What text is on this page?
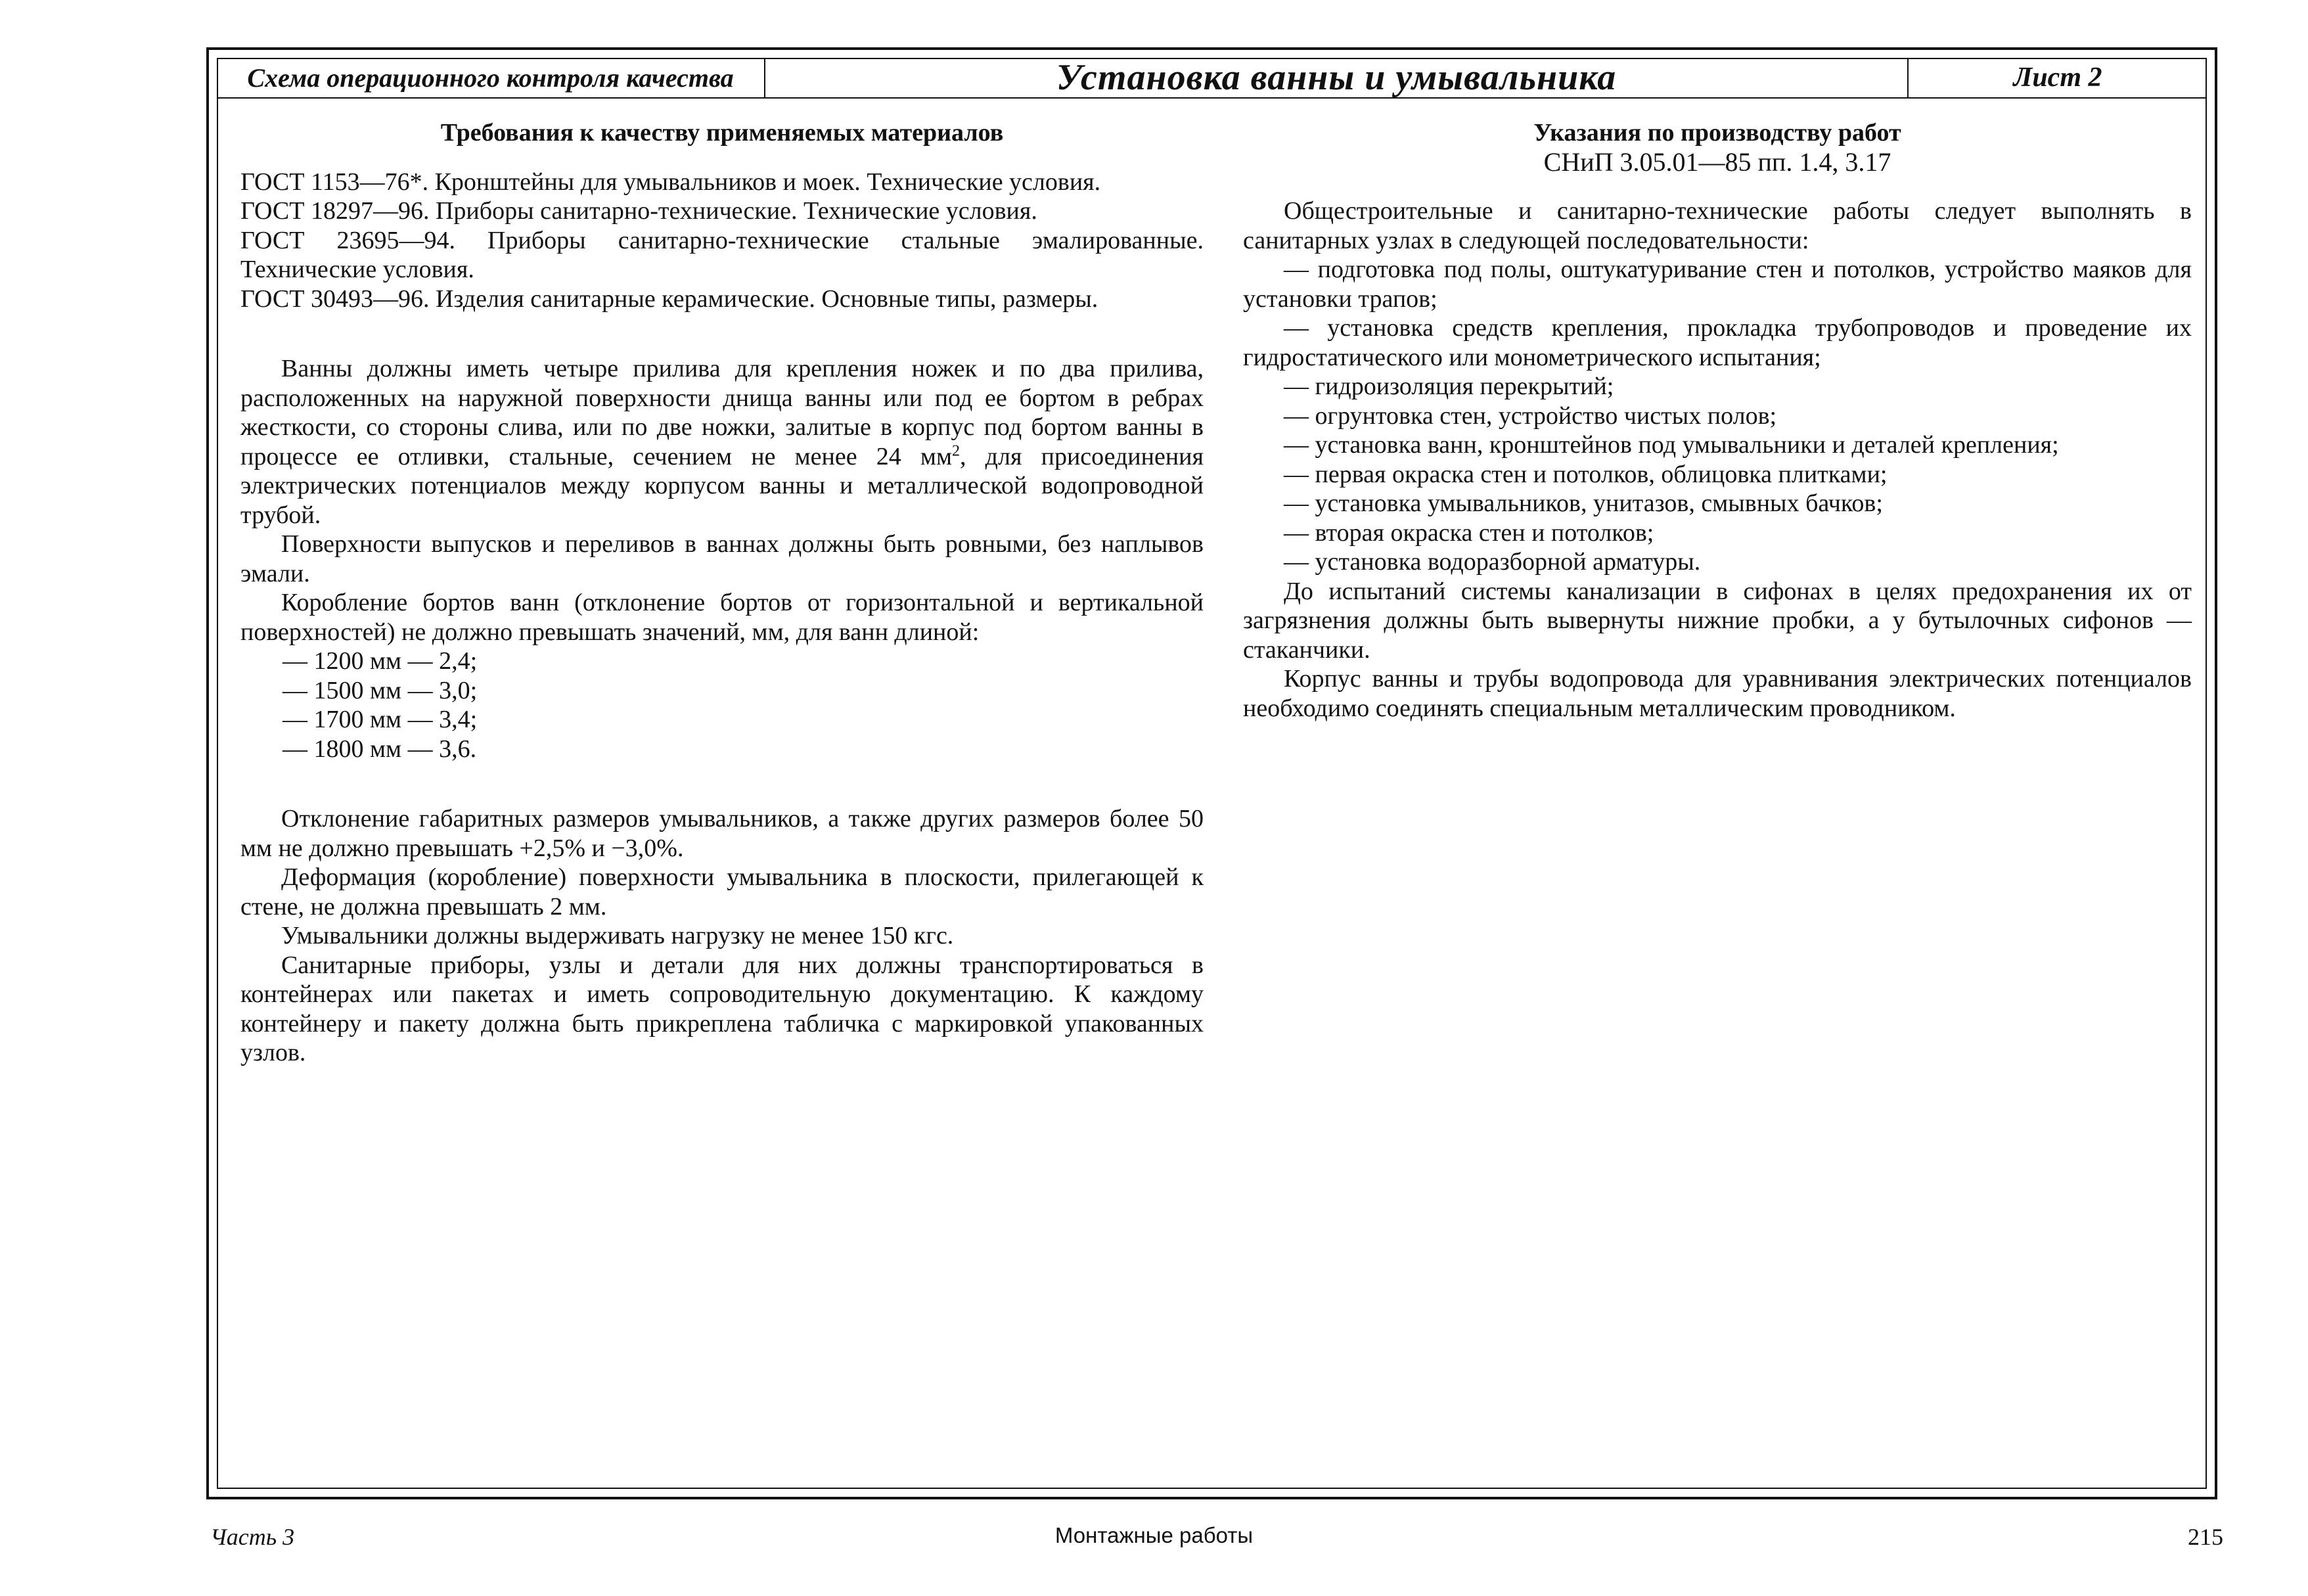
Схема операционного контроля качества	Установка ванны и умывальника	Лист 2

Требования к качеству применяемых материалов

ГОСТ 1153—76*. Кронштейны для умывальников и моек. Технические условия.

ГОСТ 18297—96. Приборы санитарно-технические. Технические условия.

ГОСТ 23695—94. Приборы санитарно-технические стальные эмалированные. Технические условия.

ГОСТ 30493—96. Изделия санитарные керамические. Основные типы, размеры.

Ванны должны иметь четыре прилива для крепления ножек и по два прилива, расположенных на наружной поверхности днища ванны или под ее бортом в ребрах жесткости, со стороны слива, или по две ножки, залитые в корпус под бортом ванны в процессе ее отливки, стальные, сечением не менее 24 $мм^2$, для присоединения электрических потенциалов между корпусом ванны и металлической водопроводной трубой.

Поверхности выпусков и переливов в ваннах должны быть ровными, без наплывов эмали.

Коробление бортов ванн (отклонение бортов от горизонтальной и вертикальной поверхностей) не должно превышать значений, мм, для ванн длиной:

— 1200 мм — 2,4;

— 1500 мм — 3,0;

— 1700 мм — 3,4;

— 1800 мм — 3,6.

Отклонение габаритных размеров умывальников, а также других размеров более 50 мм не должно превышать +2,5% и −3,0%.

Деформация (коробление) поверхности умывальника в плоскости, прилегающей к стене, не должна превышать 2 мм.

Умывальники должны выдерживать нагрузку не менее 150 кгс.

Санитарные приборы, узлы и детали для них должны транспортироваться в контейнерах или пакетах и иметь сопроводительную документацию. К каждому контейнеру и пакету должна быть прикреплена табличка с маркировкой упакованных узлов.

Указания по производству работ

СНиП 3.05.01—85 пп. 1.4, 3.17

Общестроительные и санитарно-технические работы следует выполнять в санитарных узлах в следующей последовательности:

— подготовка под полы, оштукатуривание стен и потолков, устройство маяков для установки трапов;

— установка средств крепления, прокладка трубопроводов и проведение их гидростатического или монометрического испытания;

— гидроизоляция перекрытий;

— огрунтовка стен, устройство чистых полов;

— установка ванн, кронштейнов под умывальники и деталей крепления;

— первая окраска стен и потолков, облицовка плитками;

— установка умывальников, унитазов, смывных бачков;

— вторая окраска стен и потолков;

— установка водоразборной арматуры.

До испытаний системы канализации в сифонах в целях предохранения их от загрязнения должны быть вывернуты нижние пробки, а у бутылочных сифонов — стаканчики.

Корпус ванны и трубы водопровода для уравнивания электрических потенциалов необходимо соединять специальным металлическим проводником.

Часть 3	Монтажные работы	215
